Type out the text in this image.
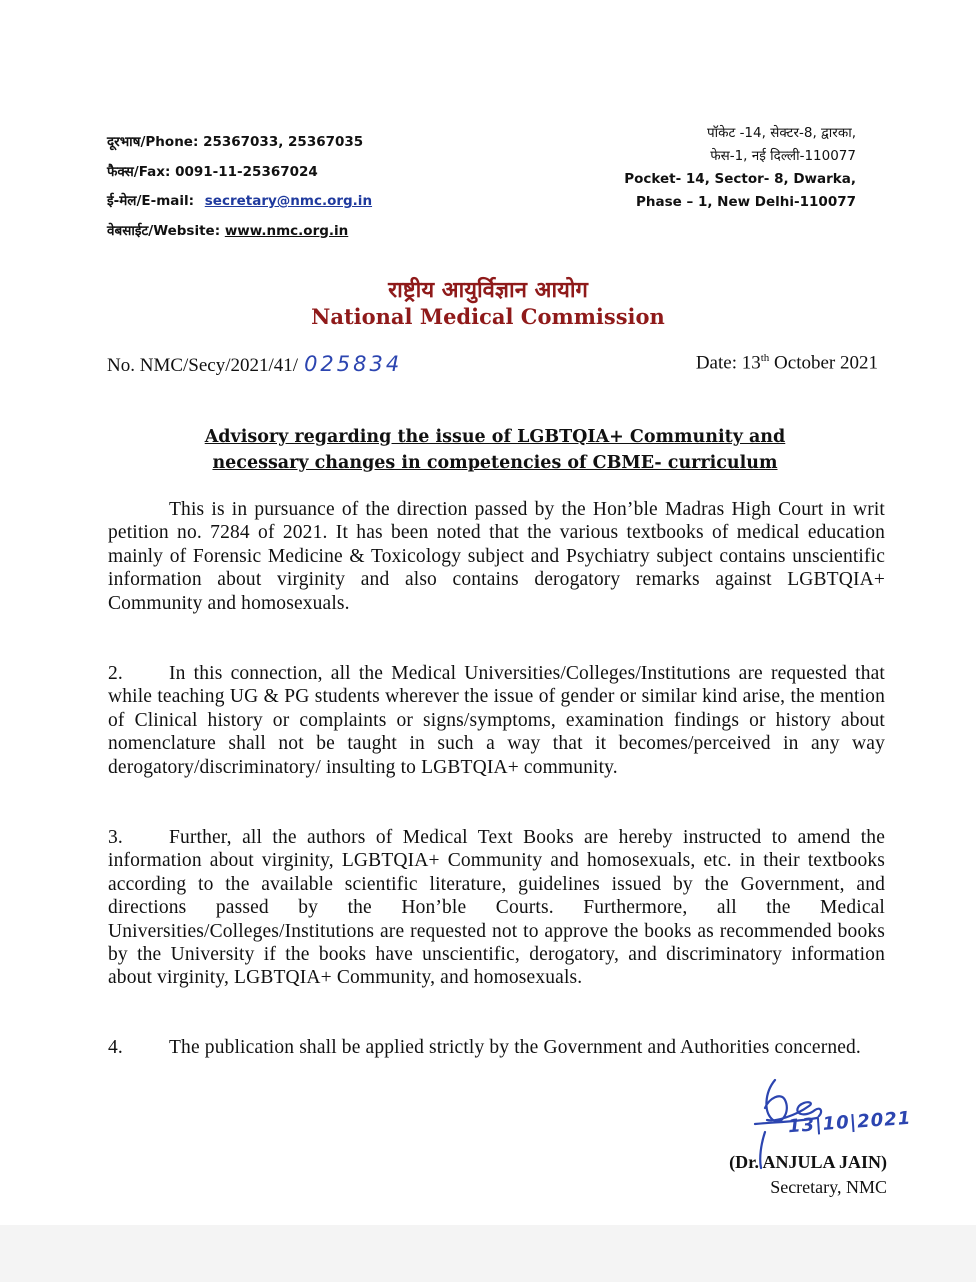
दूरभाष/Phone: 25367033, 25367035
फैक्स/Fax: 0091-11-25367024
ई-मेल/E-mail: secretary@nmc.org.in
वेबसाईट/Website: www.nmc.org.in
पॉकेट -14, सेक्टर-8, द्वारका,
फेस-1, नई दिल्ली-110077
Pocket- 14, Sector- 8, Dwarka,
Phase – 1, New Delhi-110077
राष्ट्रीय आयुर्विज्ञान आयोग
National Medical Commission
No. NMC/Secy/2021/41/ 025834	Date: 13th October 2021
Advisory regarding the issue of LGBTQIA+ Community and
necessary changes in competencies of CBME- curriculum
This is in pursuance of the direction passed by the Hon’ble Madras High Court in writ petition no. 7284 of 2021. It has been noted that the various textbooks of medical education mainly of Forensic Medicine & Toxicology subject and Psychiatry subject contains unscientific information about virginity and also contains derogatory remarks against LGBTQIA+ Community and homosexuals.
2. In this connection, all the Medical Universities/Colleges/Institutions are requested that while teaching UG & PG students wherever the issue of gender or similar kind arise, the mention of Clinical history or complaints or signs/symptoms, examination findings or history about nomenclature shall not be taught in such a way that it becomes/perceived in any way derogatory/discriminatory/ insulting to LGBTQIA+ community.
3. Further, all the authors of Medical Text Books are hereby instructed to amend the information about virginity, LGBTQIA+ Community and homosexuals, etc. in their textbooks according to the available scientific literature, guidelines issued by the Government, and directions passed by the Hon’ble Courts. Furthermore, all the Medical Universities/Colleges/Institutions are requested not to approve the books as recommended books by the University if the books have unscientific, derogatory, and discriminatory information about virginity, LGBTQIA+ Community, and homosexuals.
4. The publication shall be applied strictly by the Government and Authorities concerned.
13|10|2021
(Dr. ANJULA JAIN)
Secretary, NMC
